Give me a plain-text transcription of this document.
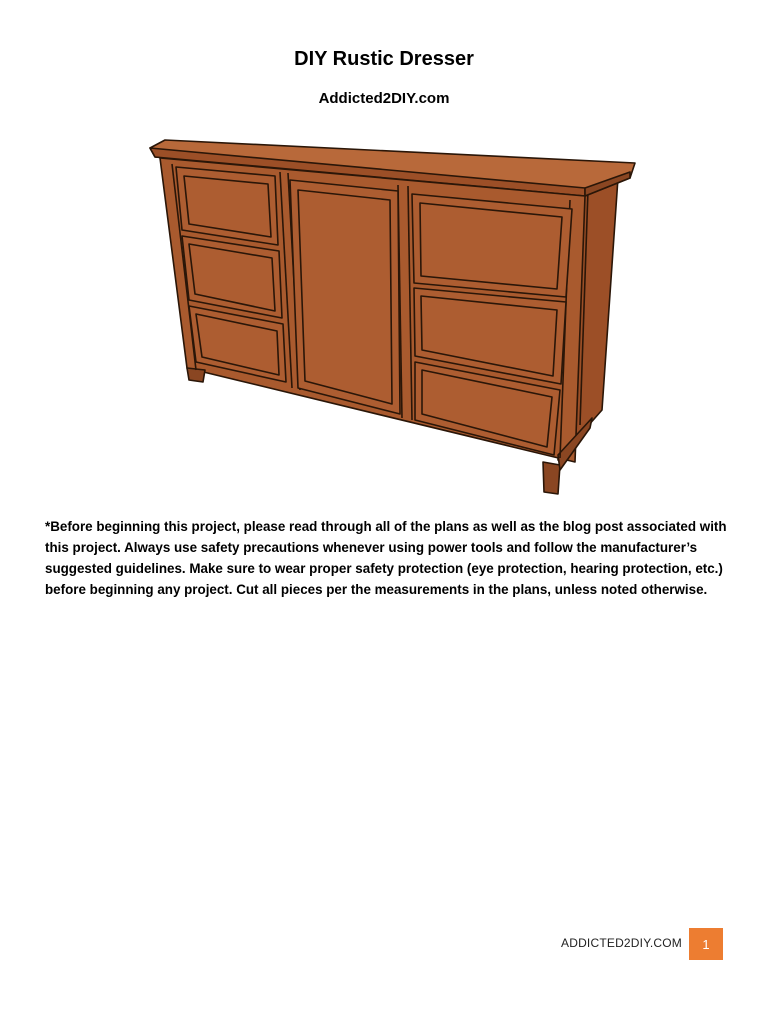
DIY Rustic Dresser
Addicted2DIY.com
*Before beginning this project, please read through all of the plans as well as the blog post associated with this project. Always use safety precautions whenever using power tools and follow the manufacturer’s suggested guidelines. Make sure to wear proper safety protection (eye protection, hearing protection, etc.) before beginning any project. Cut all pieces per the measurements in the plans, unless noted otherwise.
ADDICTED2DIY.COM	1
